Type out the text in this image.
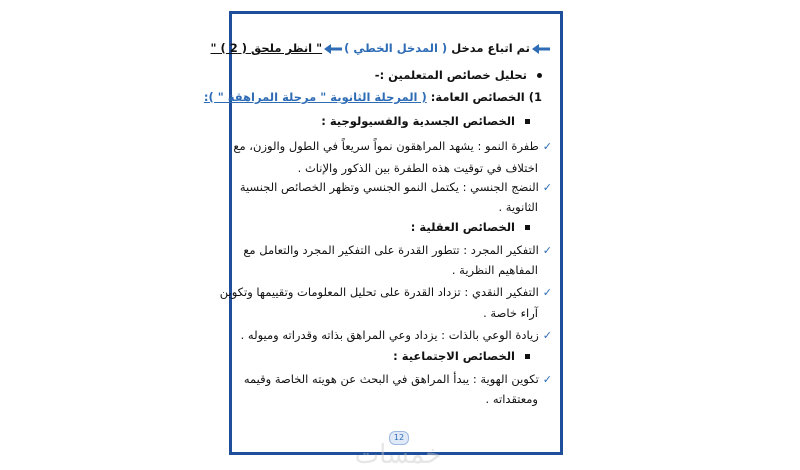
تم اتباع مدخل ( المدخل الخطي )" انظر ملحق ( 2 ) "
تحليل خصائص المتعلمين :-
1) الخصائص العامة: ( المرحلة الثانوية " مرحلة المراهقة " ):
الخصائص الجسدية والفسيولوجية :
✓طفرة النمو : يشهد المراهقون نمواً سريعاً في الطول والوزن، مع
اختلاف في توقيت هذه الطفرة بين الذكور والإناث .
✓النضج الجنسي : يكتمل النمو الجنسي وتظهر الخصائص الجنسية
الثانوية .
الخصائص العقلية :
✓التفكير المجرد : تتطور القدرة على التفكير المجرد والتعامل مع
المفاهيم النظرية .
✓التفكير النقدي : تزداد القدرة على تحليل المعلومات وتقييمها وتكوين
آراء خاصة .
✓زيادة الوعي بالذات : يزداد وعي المراهق بذاته وقدراته وميوله .
الخصائص الاجتماعية :
✓تكوين الهوية : يبدأ المراهق في البحث عن هويته الخاصة وقيمه
ومعتقداته .
12
خمسات
